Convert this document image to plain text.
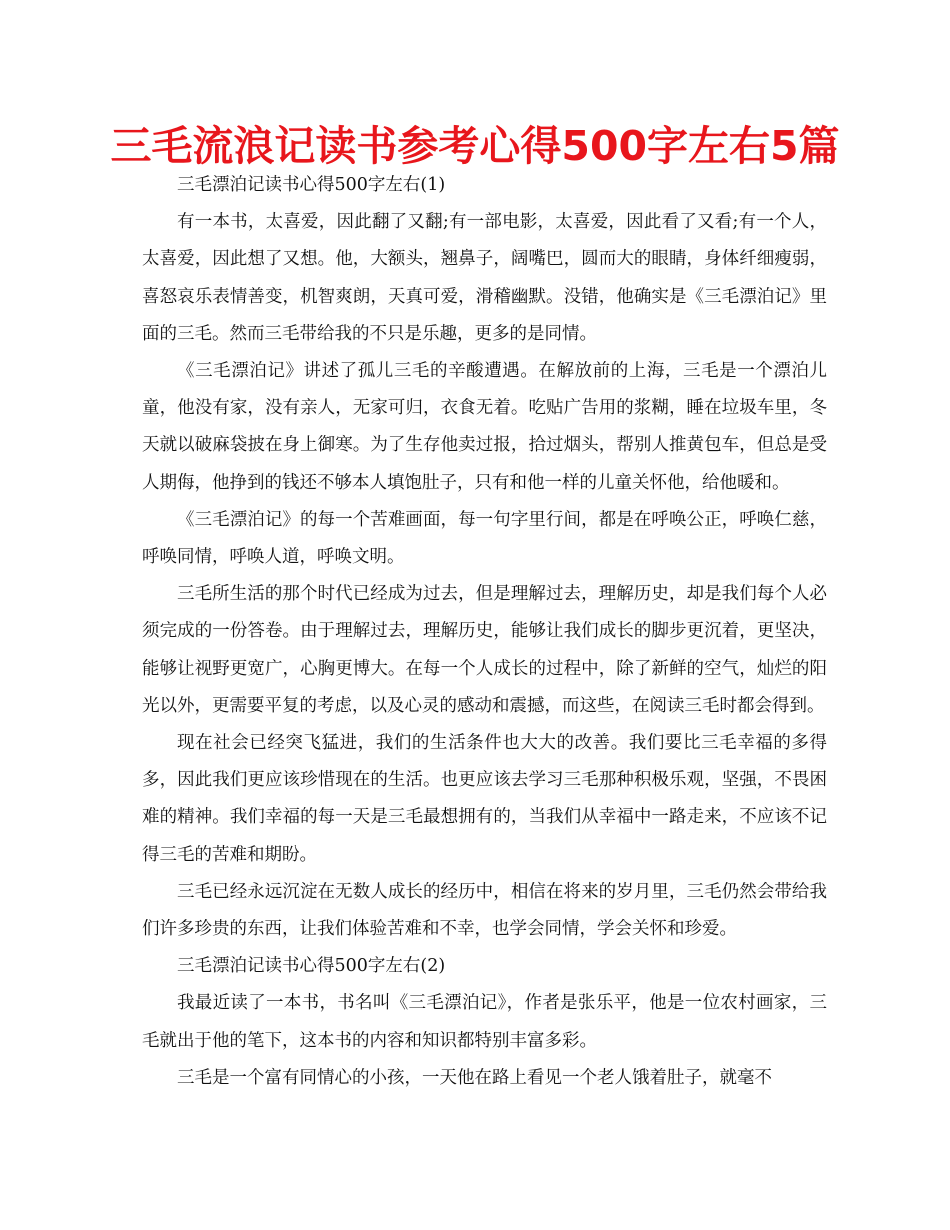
三毛流浪记读书参考心得500字左右5篇

三毛漂泊记读书心得500字左右(1)

有一本书，太喜爱，因此翻了又翻;有一部电影，太喜爱，因此看了又看;有一个人，太喜爱，因此想了又想。他，大额头，翘鼻子，阔嘴巴，圆而大的眼睛，身体纤细瘦弱，喜怒哀乐表情善变，机智爽朗，天真可爱，滑稽幽默。没错，他确实是《三毛漂泊记》里面的三毛。然而三毛带给我的不只是乐趣，更多的是同情。

《三毛漂泊记》讲述了孤儿三毛的辛酸遭遇。在解放前的上海，三毛是一个漂泊儿童，他没有家，没有亲人，无家可归，衣食无着。吃贴广告用的浆糊，睡在垃圾车里，冬天就以破麻袋披在身上御寒。为了生存他卖过报，拾过烟头，帮别人推黄包车，但总是受人期侮，他挣到的钱还不够本人填饱肚子，只有和他一样的儿童关怀他，给他暖和。

《三毛漂泊记》的每一个苦难画面，每一句字里行间，都是在呼唤公正，呼唤仁慈，呼唤同情，呼唤人道，呼唤文明。

三毛所生活的那个时代已经成为过去，但是理解过去，理解历史，却是我们每个人必须完成的一份答卷。由于理解过去，理解历史，能够让我们成长的脚步更沉着，更坚决，能够让视野更宽广，心胸更博大。在每一个人成长的过程中，除了新鲜的空气，灿烂的阳光以外，更需要平复的考虑，以及心灵的感动和震撼，而这些，在阅读三毛时都会得到。

现在社会已经突飞猛进，我们的生活条件也大大的改善。我们要比三毛幸福的多得多，因此我们更应该珍惜现在的生活。也更应该去学习三毛那种积极乐观，坚强，不畏困难的精神。我们幸福的每一天是三毛最想拥有的，当我们从幸福中一路走来，不应该不记得三毛的苦难和期盼。

三毛已经永远沉淀在无数人成长的经历中，相信在将来的岁月里，三毛仍然会带给我们许多珍贵的东西，让我们体验苦难和不幸，也学会同情，学会关怀和珍爱。

三毛漂泊记读书心得500字左右(2)

我最近读了一本书，书名叫《三毛漂泊记》，作者是张乐平，他是一位农村画家，三毛就出于他的笔下，这本书的内容和知识都特别丰富多彩。

三毛是一个富有同情心的小孩，一天他在路上看见一个老人饿着肚子，就毫不
